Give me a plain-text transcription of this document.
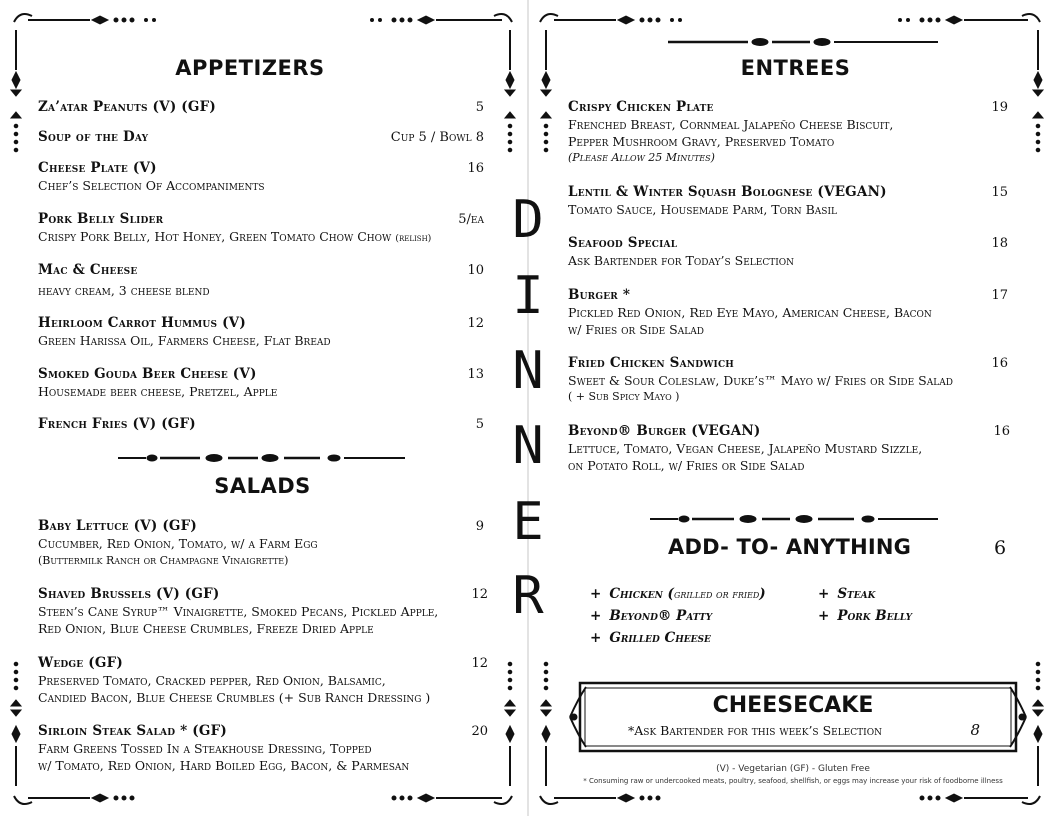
APPETIZERS
Za’atar Peanuts (V) (GF)	5
Soup of the Day	Cup 5 / Bowl 8
Cheese Plate (V)	16
Chef’s Selection Of Accompaniments
Pork Belly Slider	5/ea
Crispy Pork Belly, Hot Honey, Green Tomato Chow Chow (relish)
Mac & Cheese	10
heavy cream, 3 cheese blend
Heirloom Carrot Hummus (V)	12
Green Harissa Oil, Farmers Cheese, Flat Bread
Smoked Gouda Beer Cheese (V)	13
Housemade beer cheese, Pretzel, Apple
French Fries (V) (GF)	5
SALADS
Baby Lettuce (V) (GF)	9
Cucumber, Red Onion, Tomato, w/ a Farm Egg
(Buttermilk Ranch or Champagne Vinaigrette)
Shaved Brussels (V) (GF)	12
Steen’s Cane Syrup™ Vinaigrette, Smoked Pecans, Pickled Apple,
Red Onion, Blue Cheese Crumbles, Freeze Dried Apple
Wedge (GF)	12
Preserved Tomato, Cracked pepper, Red Onion, Balsamic,
Candied Bacon, Blue Cheese Crumbles (+ Sub Ranch Dressing )
Sirloin Steak Salad * (GF)	20
Farm Greens Tossed In a Steakhouse Dressing, Topped
w/ Tomato, Red Onion, Hard Boiled Egg, Bacon, & Parmesan
ENTREES
Crispy Chicken Plate	19
Frenched Breast, Cornmeal Jalapeño Cheese Biscuit,
Pepper Mushroom Gravy, Preserved Tomato
(Please Allow 25 Minutes)
Lentil & Winter Squash Bolognese (VEGAN)	15
Tomato Sauce, Housemade Parm, Torn Basil
Seafood Special	18
Ask Bartender for Today’s Selection
Burger *	17
Pickled Red Onion, Red Eye Mayo, American Cheese, Bacon
w/ Fries or Side Salad
Fried Chicken Sandwich	16
Sweet & Sour Coleslaw, Duke’s™ Mayo w/ Fries or Side Salad
( + Sub Spicy Mayo )
Beyond® Burger (VEGAN)	16
Lettuce, Tomato, Vegan Cheese, Jalapeño Mustard Sizzle,
on Potato Roll, w/ Fries or Side Salad
ADD- TO- ANYTHING	6
+ Chicken (grilled or fried)
+ Beyond® Patty
+ Grilled Cheese
+ Steak
+ Pork Belly
CHEESECAKE
*Ask Bartender for this week’s Selection	8
(V) - Vegetarian (GF) - Gluten Free
* Consuming raw or undercooked meats, poultry, seafood, shellfish, or eggs may increase your risk of foodborne illness
D
I
N
N
E
R
